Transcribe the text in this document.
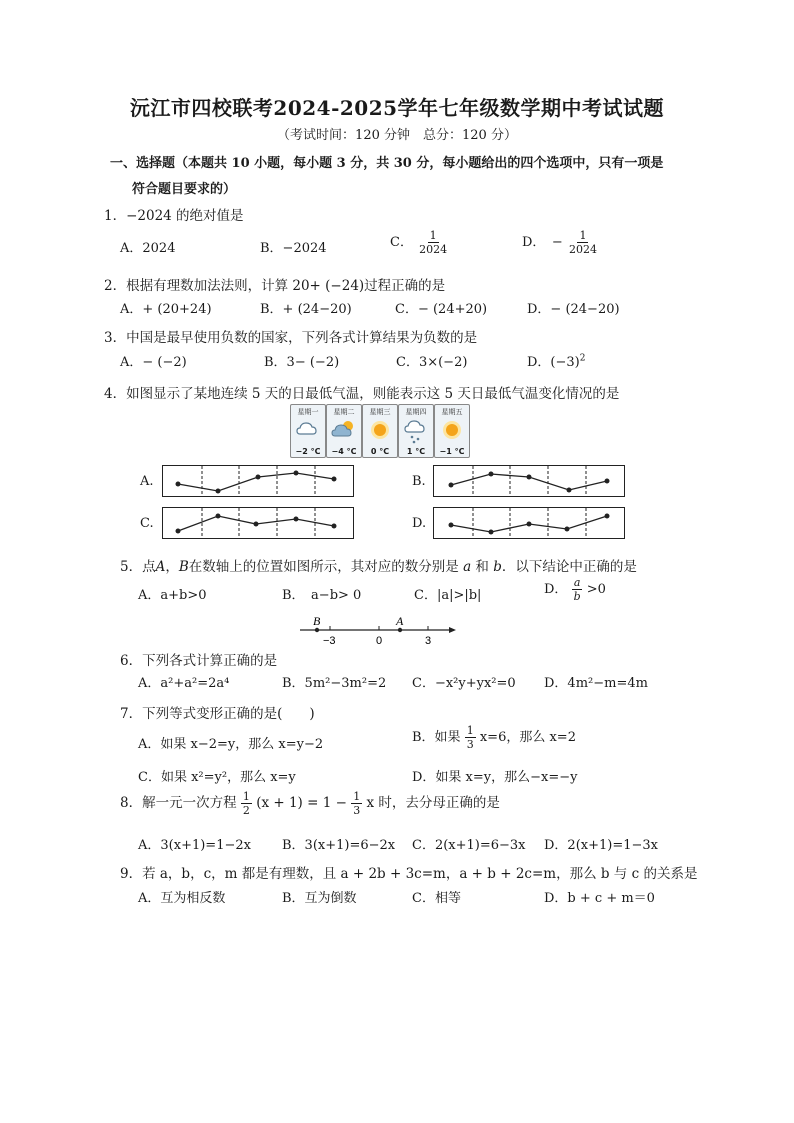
沅江市四校联考2024-2025学年七年级数学期中考试试题
（考试时间：120 分钟　总分：120 分）
一、选择题（本题共 10 小题，每小题 3 分，共 30 分，每小题给出的四个选项中，只有一项是
符合题目要求的）
1．−2024 的绝对值是
A．2024	B．−2024	C． $\frac{1}{2024}$	D．　− $\frac{1}{2024}$
2．根据有理数加法法则，计算 20+ (−24)过程正确的是
A．+ (20+24)	B．+ (24−20)	C．− (24+20)	D．− (24−20)
3．中国是最早使用负数的国家，下列各式计算结果为负数的是
A．− (−2)	B．3− (−2)	C．3×(−2)	D．$(-3)^2$
4．如图显示了某地连续 5 天的日最低气温，则能表示这 5 天日最低气温变化情况的是
星期一
−2 °C
星期二
−4 °C
星期三
0 °C
星期四
1 °C
星期五
−1 °C
A.	B.
C.	D.
5．点A，B在数轴上的位置如图所示，其对应的数分别是 a 和 b．以下结论中正确的是
A．a+b>0	B．　a−b> 0	C．|a|>|b|	D． $\frac{a}{b} >0$
B	A
−3	0	3
6．下列各式计算正确的是
A．a²+a²=2a⁴	B．5m²−3m²=2 C．−x²y+yx²=0 D．4m²−m=4m
7．下列等式变形正确的是(　　)
A．如果 x−2=y，那么 x=y−2	B．如果 $\frac{1}{3} x=6$，那么 x=2
C．如果 x²=y²，那么 x=y	D．如果 x=y，那么−x=−y
8．解一元一次方程 $\frac{1}{2} (x + 1) = 1 - \frac{1}{3}$ x 时，去分母正确的是
A．3(x+1)=1−2x B．3(x+1)=6−2x C．2(x+1)=6−3x D．2(x+1)=1−3x
9．若 a，b，c，m 都是有理数，且 a + 2b + 3c=m，a + b + 2c=m，那么 b 与 c 的关系是
A．互为相反数	B．互为倒数	C．相等	D．b + c + m＝0
